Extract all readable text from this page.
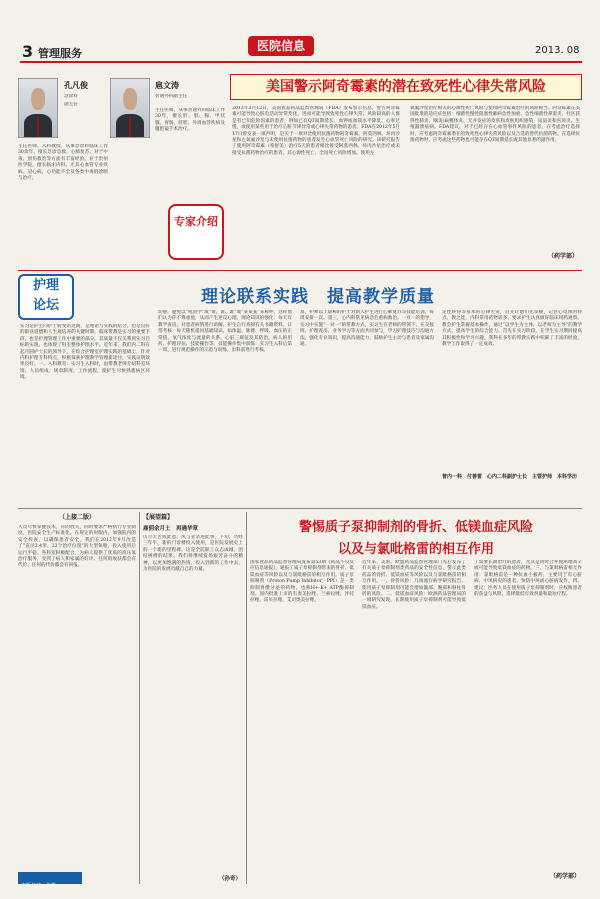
3 管理服务
医院信息	2013. 08
孔凡俊
急诊科
副主任
扈文涛
普通外科副主任
主任医师、入科教授，从事急诊科临床工作30余年，擅长急诊急救、心肺复苏，对于中毒、创伤救治等方面有丰富经验。业于贵州医学院，擅长临床内科、尤其心血管专业疾病。冠心病、心功能不全及各类中毒的诊断与治疗。
主任医师，从事普通外科临床工作30年，擅长肝、胆、腺、甲状腺、胃肠、肝胆、外周血管疾病及腹腔镜手术治疗。
专家介绍
美国警示阿奇霉素的潜在致死性心律失常风险
2013年3月12日，美国食品药品监督管理局（FDA）发布警示信息，警告阿奇霉素可能导致心脏电活动异常变化，进而可能导致致死性心律失常。风险较高的人群是有已知危险因素的患者，例如已有QT间期延长、血钾或血镁水平降低、心率过慢，或使用某些用于治疗心脏节律异常或心律失常药物的患者。FDA在2012年5月17日曾发表一项声明，是关于一项对比使用抗菌药物阿奇霉素、阿莫西林、环丙沙星和左氧氟沙星与未使用抗菌药物的患者发生心血管死亡风险的研究。该研究报告了使用阿奇霉素（希舒美）治疗5天的患者相比接受阿莫西林、环丙沙星治疗或未接受抗菌药物治疗的患者，其心源性死亡、全因死亡风险增加。使用左
氧氟沙星治疗相关的心源性死亡风险与使用阿奇霉素治疗的风险相当。阿奇霉素在美国批准的适应症包括：细菌性慢性阻塞性肺病急性加重、急性细菌性鼻窦炎、社区获得性肺炎、咽炎/扁桃体炎、无并发症的皮肤和皮肤组织感染、尿道炎和宫颈炎、生殖器溃疡病。FDA建议，对于已经存在心血管事件风险的患者，在考虑治疗选择时，应考虑阿奇霉素潜在的致死性心律失常风险以及合适的替代抗菌药物。在选择抗菌药物时，应考虑这些药物也可能存在QT间期延长或其他显著的副作用。
（药学部）
护理
论坛	理论联系实践　提高教学质量
实习是护生向护士转变的过渡，是理论与实践的结合，也是良好的职业道德和人生观培养的关键时期，临床带教是实习的重要手段，也是护理管理工作中重要的部分，其质量不仅关系到实习目标的实现，也体现了科室整体护理水平。近年来，我们内二科在起月圆护士长的领导下，在综合护理室护理实践的基础上，针对内科护理专科特点，积极探索护理教学管理新途径，实践证明效果良好。一、入科教育：实习生入科时，由带教老师介绍科室环境、人员组成、规章制度、工作流程，使护生尽快熟悉病区环境。
切感，避免以“吼同学”或“谁、谁、谁”或“某某某”来称呼，这样他们认为你不尊重他，从而产生逆反心理。理论知识的强化：每天有教学查房，对患者病情进行讲解，护生自行查阅有关书籍资料。日常考核：每天随机提问基础知识、如体温、脉搏、呼吸、血压的正常值，氧气浓度与流量的关系，心脏三联征及其防治，病人的用药、护理评估、技能操作等。技能操作集中训练：实习生入科后第一周，进行规范操作的示范与训练，出科前进行考核。
富，护师以上职称的护士对新入护生进行心肺复苏等技能培训，每周安排一次。第三，心内科常见病急危重病救治。一对一的指导，实习中实施“一对一”的带教方式，实习生在老师的带领下，在交接班、护理查房、业务学习等方面共同参与，学习护理技巧与沟通方法。强化专业知识，提高沟通能力，鼓励护生主动与患者及家属沟通。
定性坏得等基本的心律失常，首先让他们先掌握，记住心电图的特点。教之娃，内科常用药物较多，要求护生认真做好临床用药观察。教会护生掌握基本操作，通过“以学生为主体，以老师为主导”的教学方式，提高学生的综合能力。首先在实习阶段，在学生实习期间提高其积极性和学习兴趣。我科在多年的带教实践中积累了丰富的经验，教学工作取得了一定成效。
普内一科　付善雷　心内二科副护士长　主管护师　本科学历
（上接二版）
人员尽快掌握技术，有的放矢，同时要求严格执行专业制度，医院安全生产标准化。在规定的时限内，加强院内的安全检查，以确保患者安全。我们在2012年9月改造了“直径3.4米、22个治疗位置”的大型氧舱，投入使用后运行平稳。各科室积极配合，为病人提供了优质的高压氧治疗服务，受到了病人和家属的好评。任何的收获都会有代价，任何的代价都会有回报。
本版校对　张凯
【展望篇】
雇佣余月土　再遇华章
历尽天苦成此意，风与亚亲进此事，下旬，历经三年半，新的门诊楼投入使用，是医院发展史上的一个新的里程碑。这是全院职工众志成城、团结拼搏的结果。我们将继续发扬艰苦奋斗的精神，以更加饱满的热情，投入到新的工作中去，为医院的发展贡献自己的力量。
（孙奇）
警惕质子泵抑制剂的骨折、低镁血症风险
以及与氯吡格雷的相互作用
国家食品药品监督管理局发布第53期《药品不良反应信息通报》，通报了质子泵抑制剂带来的骨折、低镁血症等风险以及与氯吡格雷的相互作用。质子泵抑制剂（Proton Pump Inhibitor，PPI）是一类抑制胃酸分泌的药物，也称H+-K+ ATP酶抑制剂。国内批准上市的有奥美拉唑、兰索拉唑、泮托拉唑、雷贝拉唑、艾司奥美拉唑。
近年来，美国、欧盟药品监督管理部门先后发布了有关质子泵抑制剂类药品的安全性信息，警示此类药品的骨折、低镁血症等风险以及与氯吡格雷的相互作用。一、骨折风险：几项流行病学研究报告，使用质子泵抑制剂可能会增加髋部、腕部和脊柱骨折的风险。二、低镁血症风险：欧洲药品管理局的一项研究发现，长期使用质子泵抑制剂可能导致低镁血症。
了需要长期治疗的患者，尤其是同时合并使用地高辛或可能导致低镁血症的药物。三、与氯吡格雷相互作用：氯吡格雷是一种抗血小板药，主要用于有心脏病、中风病史的患者，预防中风或心脏病发作。四、建议：医务人员在使用质子泵抑制剂时，应权衡患者的获益与风险，选择最低有效剂量和最短疗程。
（药学部）
